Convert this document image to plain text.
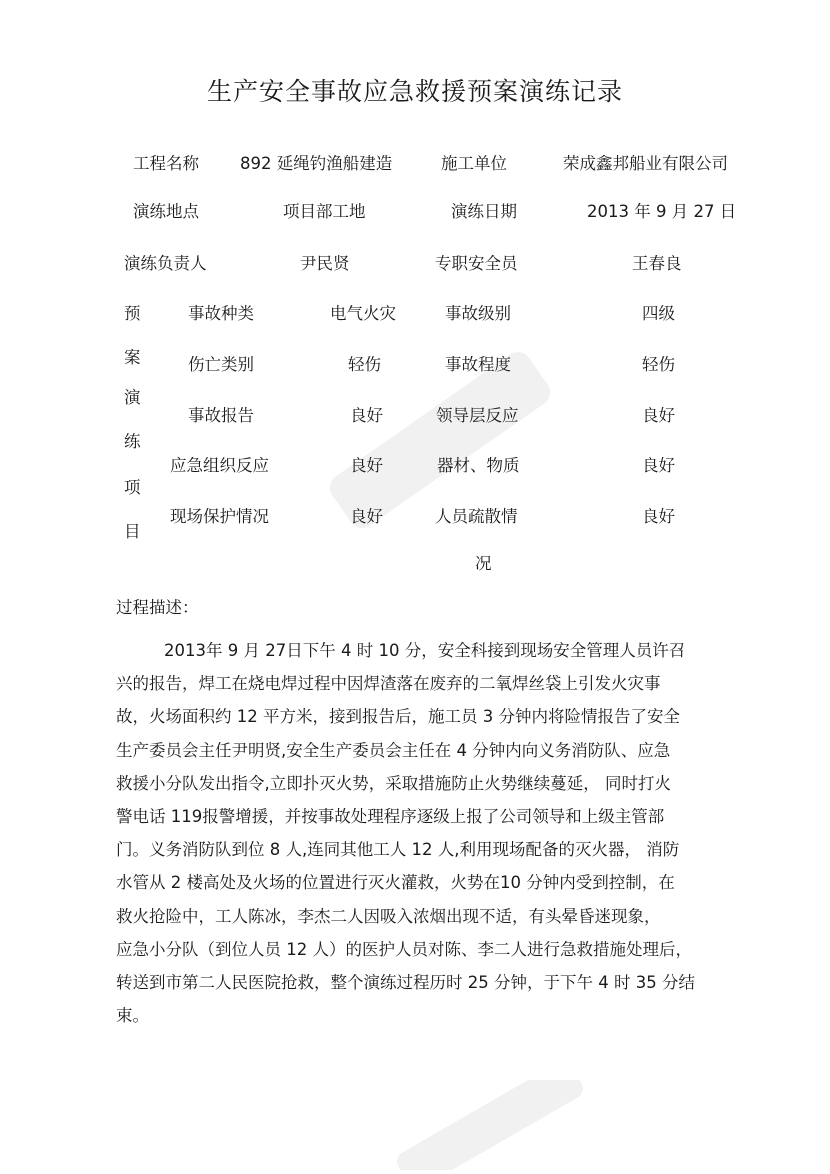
生产安全事故应急救援预案演练记录
工程名称 892 延绳钓渔船建造	施工单位	荣成鑫邦船业有限公司
演练地点	项目部工地	演练日期	2013 年 9 月 27 日
演练负责人	尹民贤	专职安全员	王春良
预
案
演
练
项
目
事故种类	电气火灾	事故级别	四级
伤亡类别	轻伤	事故程度	轻伤
事故报告	良好	领导层反应	良好
应急组织反应	良好	器材、物质	良好
现场保护情况	良好	人员疏散情	良好
况
过程描述：
2013年 9 月 27日下午 4 时 10 分，安全科接到现场安全管理人员许召
兴的报告，焊工在烧电焊过程中因焊渣落在废弃的二氧焊丝袋上引发火灾事
故，火场面积约 12 平方米，接到报告后，施工员 3 分钟内将险情报告了安全
生产委员会主任尹明贤,安全生产委员会主任在 4 分钟内向义务消防队、应急
救援小分队发出指令,立即扑灭火势，采取措施防止火势继续蔓延， 同时打火
警电话 119报警增援，并按事故处理程序逐级上报了公司领导和上级主管部
门。义务消防队到位 8 人,连同其他工人 12 人,利用现场配备的灭火器， 消防
水管从 2 楼高处及火场的位置进行灭火灌救，火势在10 分钟内受到控制，在
救火抢险中，工人陈冰，李杰二人因吸入浓烟出现不适，有头晕昏迷现象，
应急小分队（到位人员 12 人）的医护人员对陈、李二人进行急救措施处理后，
转送到市第二人民医院抢救，整个演练过程历时 25 分钟，于下午 4 时 35 分结
束。
